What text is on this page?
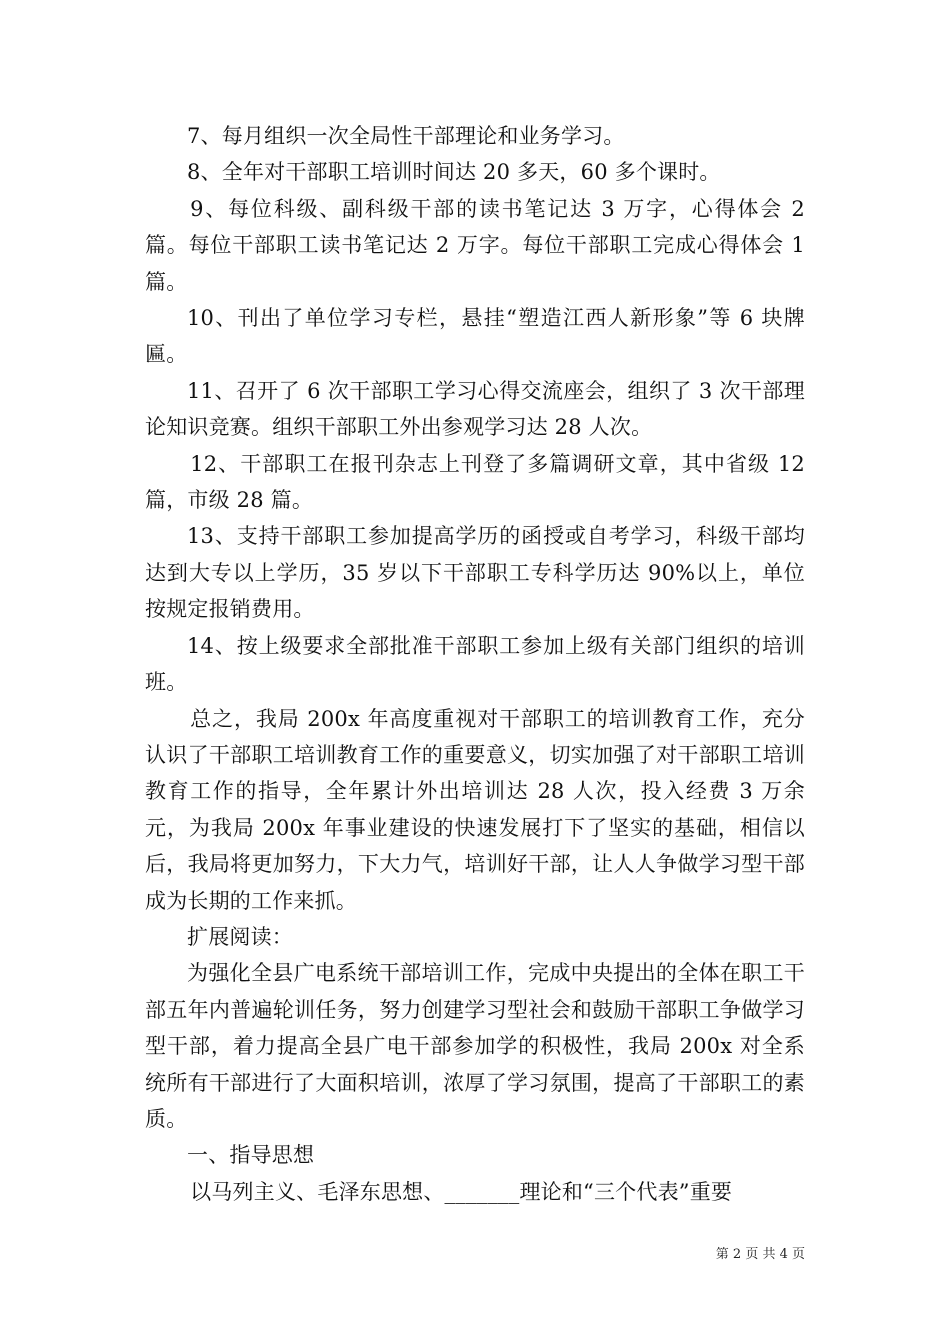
7、每月组织一次全局性干部理论和业务学习。

8、全年对干部职工培训时间达 20 多天，60 多个课时。

9、每位科级、副科级干部的读书笔记达 3 万字，心得体会 2 篇。每位干部职工读书笔记达 2 万字。每位干部职工完成心得体会 1 篇。

10、刊出了单位学习专栏，悬挂“塑造江西人新形象”等 6 块牌匾。

11、召开了 6 次干部职工学习心得交流座会，组织了 3 次干部理论知识竞赛。组织干部职工外出参观学习达 28 人次。

12、干部职工在报刊杂志上刊登了多篇调研文章，其中省级 12 篇，市级 28 篇。

13、支持干部职工参加提高学历的函授或自考学习，科级干部均达到大专以上学历，35 岁以下干部职工专科学历达 90%以上，单位按规定报销费用。

14、按上级要求全部批准干部职工参加上级有关部门组织的培训班。

总之，我局 200x 年高度重视对干部职工的培训教育工作，充分认识了干部职工培训教育工作的重要意义，切实加强了对干部职工培训教育工作的指导，全年累计外出培训达 28 人次，投入经费 3 万余元，为我局 200x 年事业建设的快速发展打下了坚实的基础，相信以后，我局将更加努力，下大力气，培训好干部，让人人争做学习型干部成为长期的工作来抓。

扩展阅读：

为强化全县广电系统干部培训工作，完成中央提出的全体在职工干部五年内普遍轮训任务，努力创建学习型社会和鼓励干部职工争做学习型干部，着力提高全县广电干部参加学的积极性，我局 200x 对全系统所有干部进行了大面积培训，浓厚了学习氛围，提高了干部职工的素质。

一、指导思想

以马列主义、毛泽东思想、_______理论和“三个代表”重要

第 2 页 共 4 页
